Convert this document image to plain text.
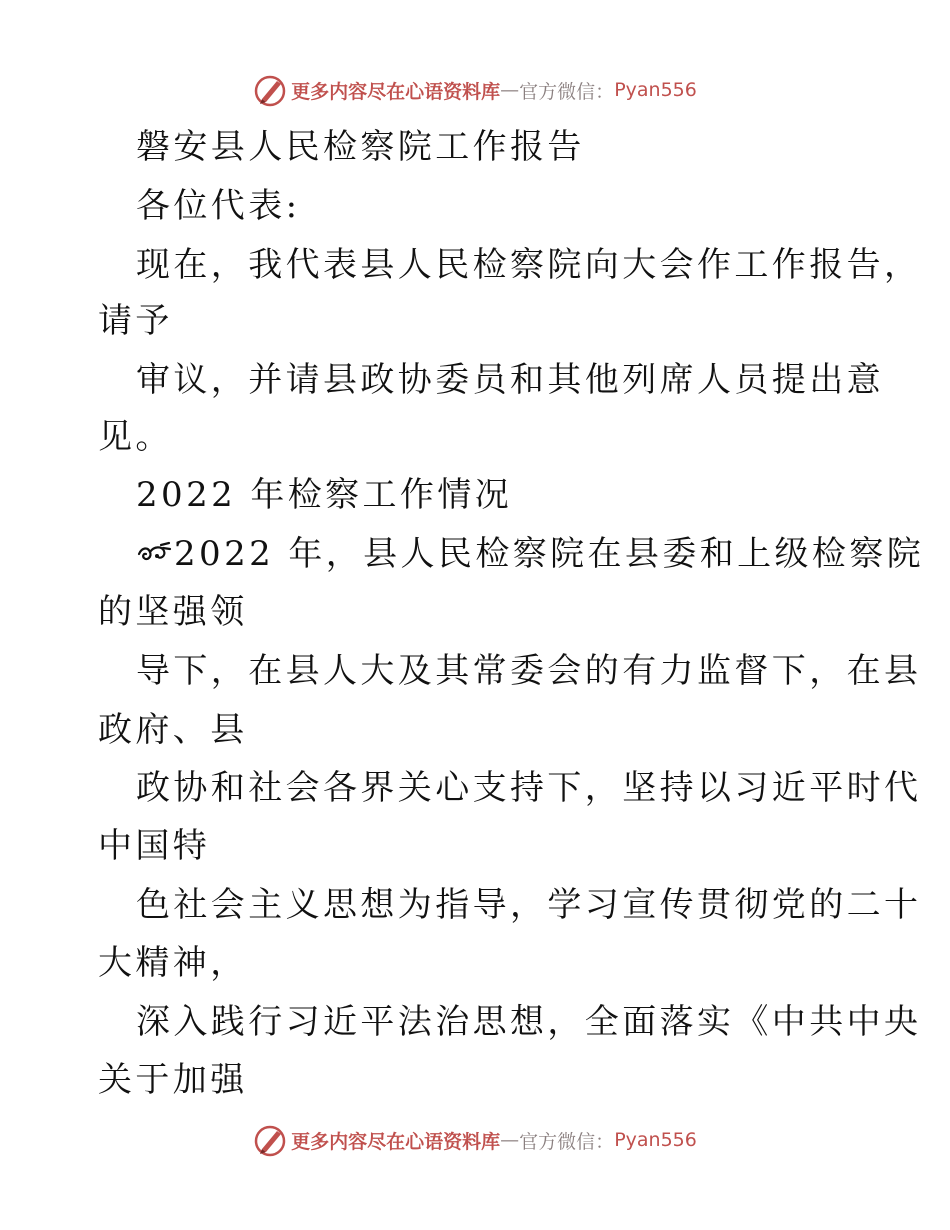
更多内容尽在心语资料库 — 官方微信： Pyan556
磐安县人民检察院工作报告
各位代表:
现在，我代表县人民检察院向大会作工作报告，
请予
审议，并请县政协委员和其他列席人员提出意
见。
2022 年检察工作情况
2022 年，县人民检察院在县委和上级检察院
的坚强领
导下，在县人大及其常委会的有力监督下，在县
政府、县
政协和社会各界关心支持下，坚持以习近平时代
中国特
色社会主义思想为指导，学习宣传贯彻党的二十
大精神，
深入践行习近平法治思想，全面落实《中共中央
关于加强
更多内容尽在心语资料库 — 官方微信： Pyan556
